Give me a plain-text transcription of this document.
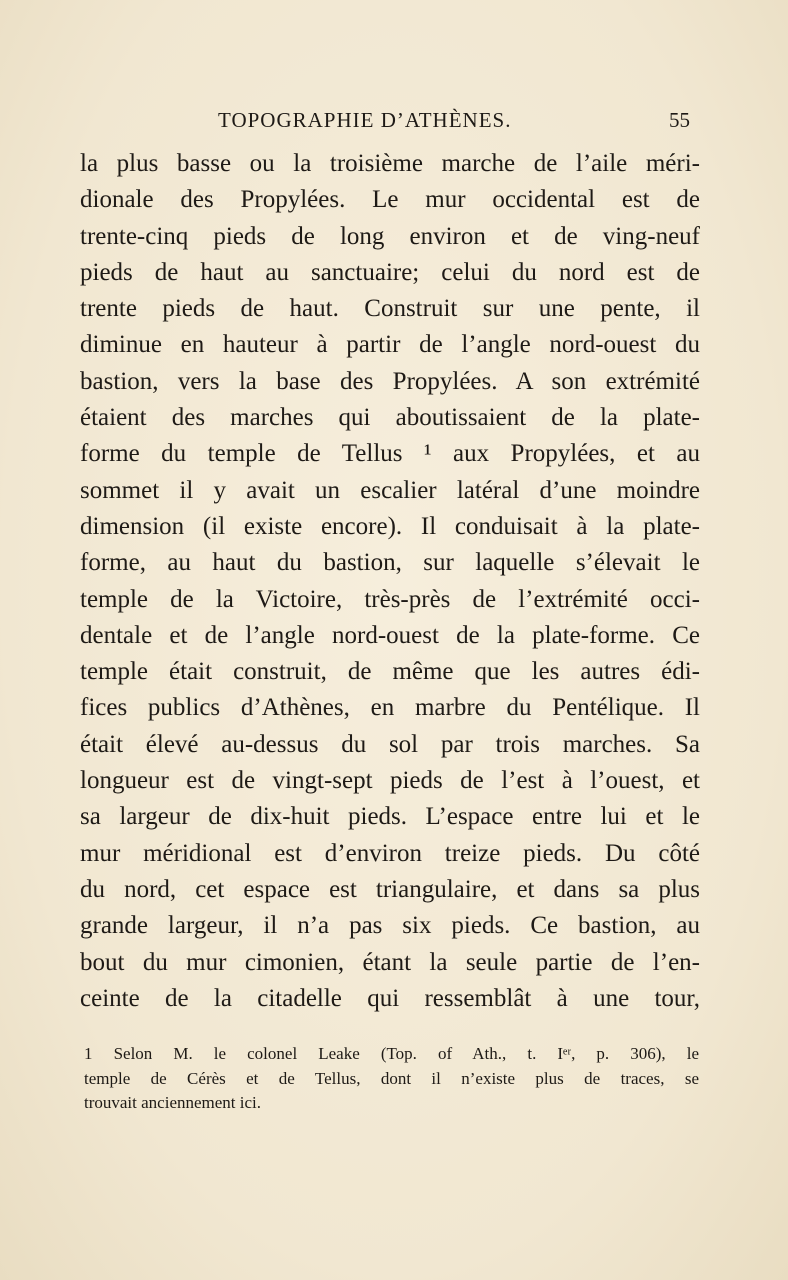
TOPOGRAPHIE D’ATHÈNES.	55
la plus basse ou la troisième marche de l’aile méri-
dionale des Propylées. Le mur occidental est de
trente-cinq pieds de long environ et de ving-neuf
pieds de haut au sanctuaire; celui du nord est de
trente pieds de haut. Construit sur une pente, il
diminue en hauteur à partir de l’angle nord-ouest du
bastion, vers la base des Propylées. A son extrémité
étaient des marches qui aboutissaient de la plate-
forme du temple de Tellus ¹ aux Propylées, et au
sommet il y avait un escalier latéral d’une moindre
dimension (il existe encore). Il conduisait à la plate-
forme, au haut du bastion, sur laquelle s’élevait le
temple de la Victoire, très-près de l’extrémité occi-
dentale et de l’angle nord-ouest de la plate-forme. Ce
temple était construit, de même que les autres édi-
fices publics d’Athènes, en marbre du Pentélique. Il
était élevé au-dessus du sol par trois marches. Sa
longueur est de vingt-sept pieds de l’est à l’ouest, et
sa largeur de dix-huit pieds. L’espace entre lui et le
mur méridional est d’environ treize pieds. Du côté
du nord, cet espace est triangulaire, et dans sa plus
grande largeur, il n’a pas six pieds. Ce bastion, au
bout du mur cimonien, étant la seule partie de l’en-
ceinte de la citadelle qui ressemblât à une tour,
1 Selon M. le colonel Leake (Top. of Ath., t. Iᵉʳ, p. 306), le
temple de Cérès et de Tellus, dont il n’existe plus de traces, se
trouvait anciennement ici.
